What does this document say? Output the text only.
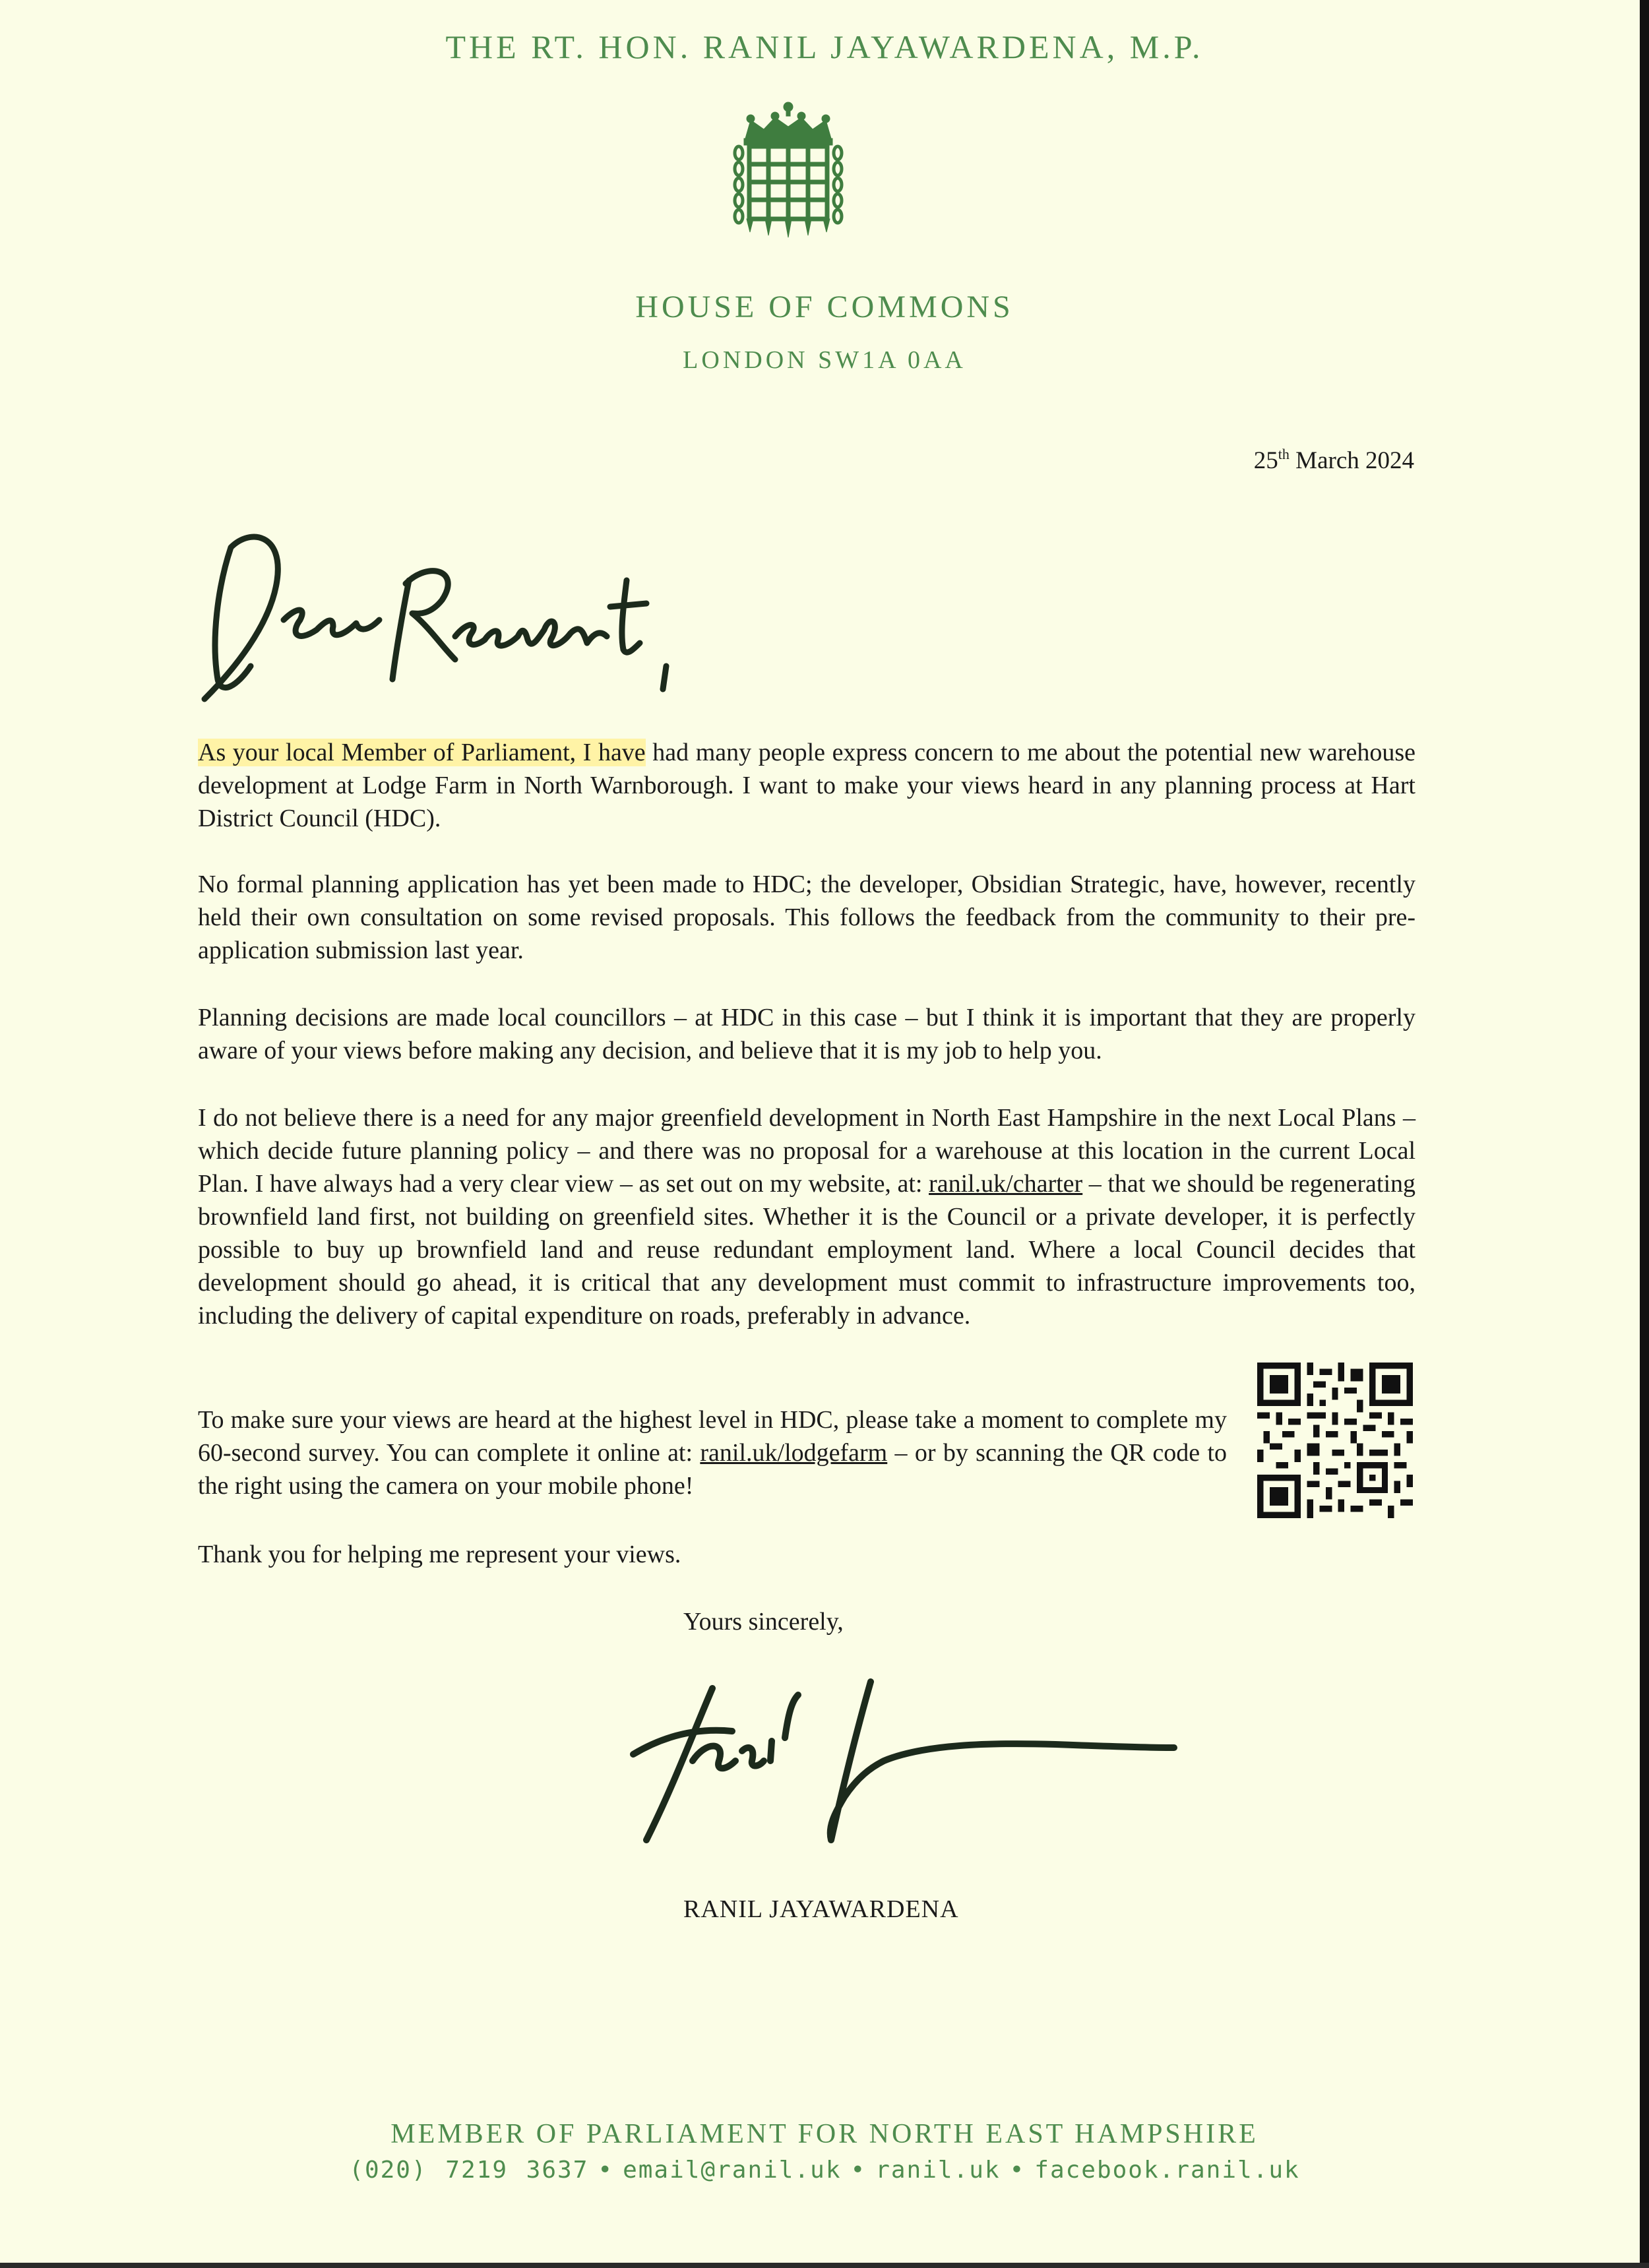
THE RT. HON. RANIL JAYAWARDENA, M.P.
HOUSE OF COMMONS
LONDON SW1A 0AA
25th March 2024

As your local Member of Parliament, I have had many people express concern to me about the potential new warehouse development at Lodge Farm in North Warnborough. I want to make your views heard in any planning process at Hart District Council (HDC).

No formal planning application has yet been made to HDC; the developer, Obsidian Strategic, have, however, recently held their own consultation on some revised proposals. This follows the feedback from the community to their pre-application submission last year.

Planning decisions are made local councillors – at HDC in this case – but I think it is important that they are properly aware of your views before making any decision, and believe that it is my job to help you.

I do not believe there is a need for any major greenfield development in North East Hampshire in the next Local Plans – which decide future planning policy – and there was no proposal for a warehouse at this location in the current Local Plan. I have always had a very clear view – as set out on my website, at: ranil.uk/charter – that we should be regenerating brownfield land first, not building on greenfield sites. Whether it is the Council or a private developer, it is perfectly possible to buy up brownfield land and reuse redundant employment land. Where a local Council decides that development should go ahead, it is critical that any development must commit to infrastructure improvements too, including the delivery of capital expenditure on roads, preferably in advance.

To make sure your views are heard at the highest level in HDC, please take a moment to complete my 60-second survey. You can complete it online at: ranil.uk/lodgefarm – or by scanning the QR code to the right using the camera on your mobile phone!

Thank you for helping me represent your views.

Yours sincerely,
RANIL JAYAWARDENA
MEMBER OF PARLIAMENT FOR NORTH EAST HAMPSHIRE
(020) 7219 3637 • email@ranil.uk • ranil.uk • facebook.ranil.uk
